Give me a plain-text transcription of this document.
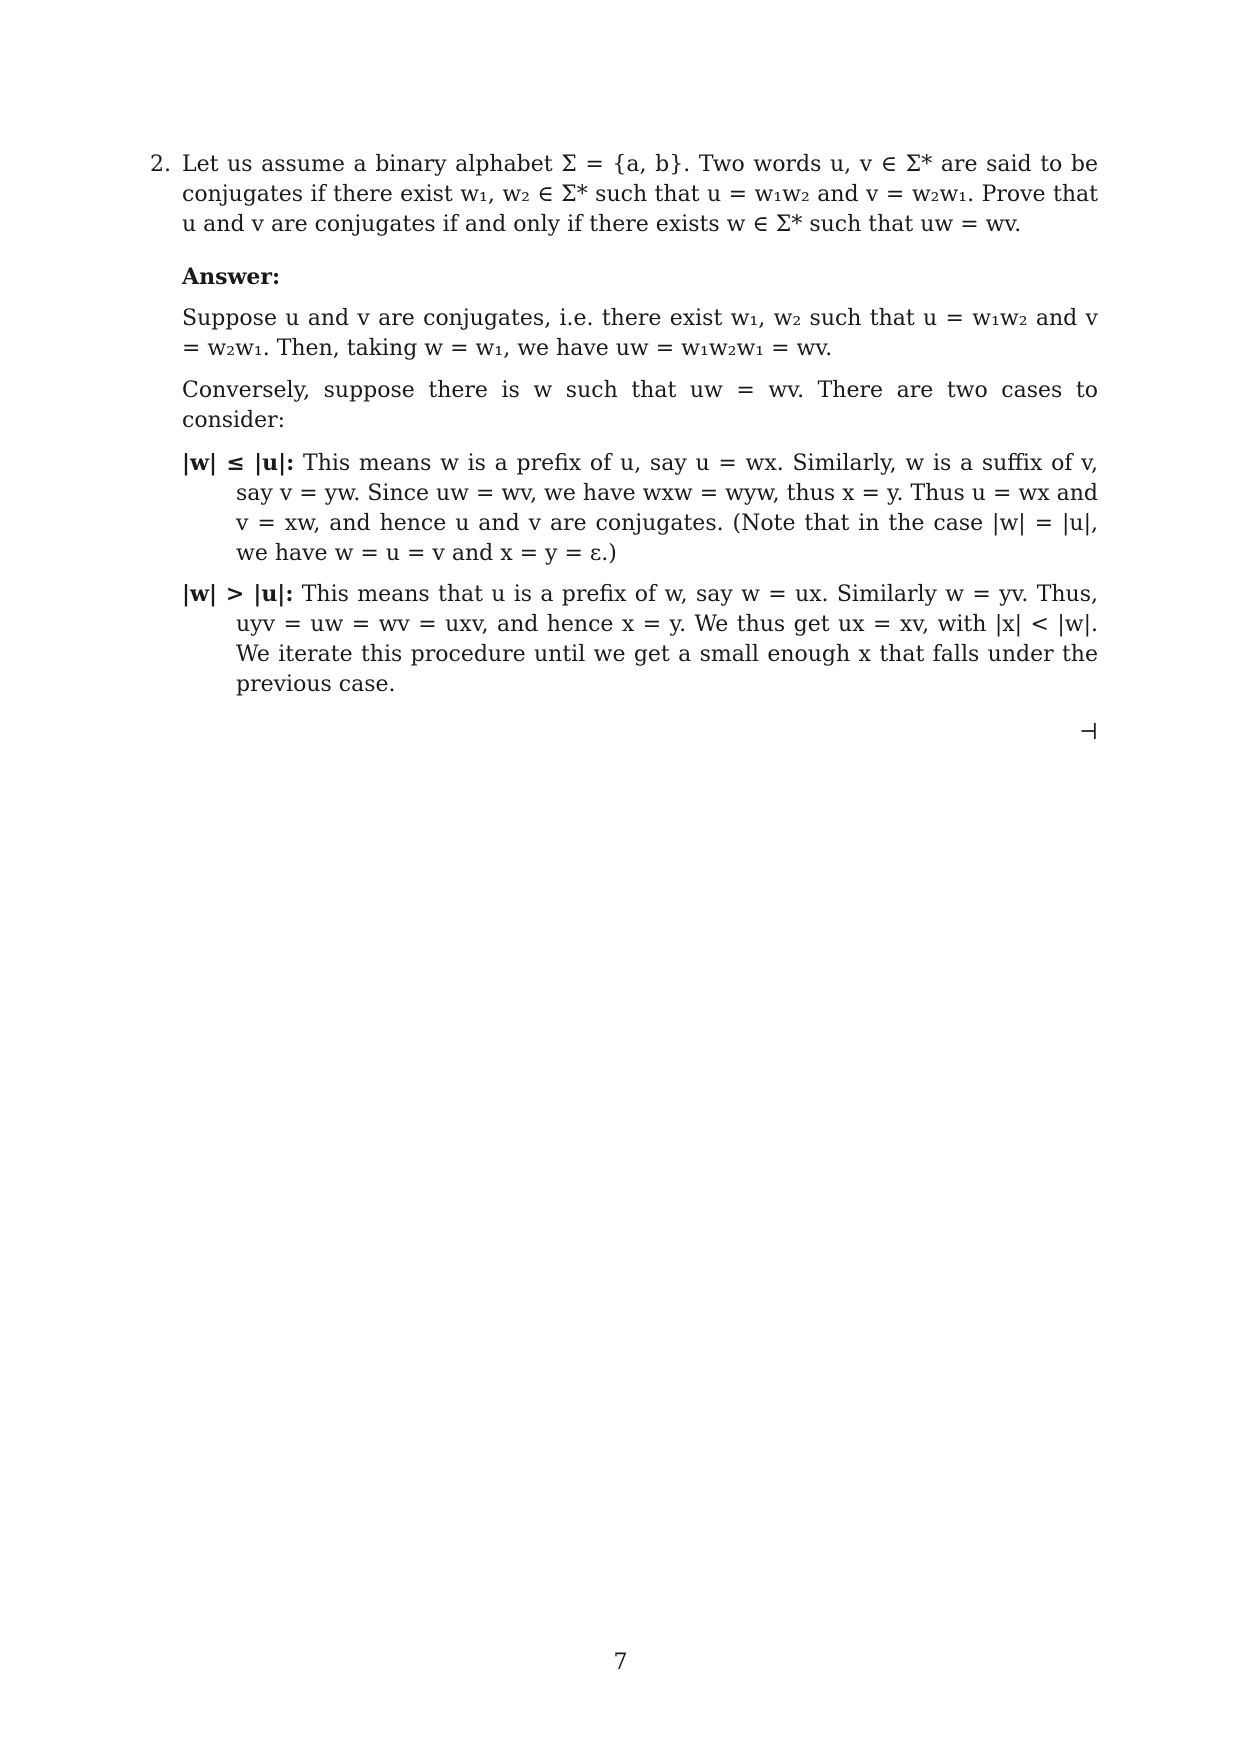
2. Let us assume a binary alphabet Σ = {a, b}. Two words u, v ∈ Σ* are said to be conjugates if there exist w₁, w₂ ∈ Σ* such that u = w₁w₂ and v = w₂w₁. Prove that u and v are conjugates if and only if there exists w ∈ Σ* such that uw = wv.

Answer:

Suppose u and v are conjugates, i.e. there exist w₁, w₂ such that u = w₁w₂ and v = w₂w₁. Then, taking w = w₁, we have uw = w₁w₂w₁ = wv.

Conversely, suppose there is w such that uw = wv. There are two cases to consider:

|w| ≤ |u|: This means w is a prefix of u, say u = wx. Similarly, w is a suffix of v, say v = yw. Since uw = wv, we have wxw = wyw, thus x = y. Thus u = wx and v = xw, and hence u and v are conjugates. (Note that in the case |w| = |u|, we have w = u = v and x = y = ε.)

|w| > |u|: This means that u is a prefix of w, say w = ux. Similarly w = yv. Thus, uyv = uw = wv = uxv, and hence x = y. We thus get ux = xv, with |x| < |w|. We iterate this procedure until we get a small enough x that falls under the previous case.

⊣
7
